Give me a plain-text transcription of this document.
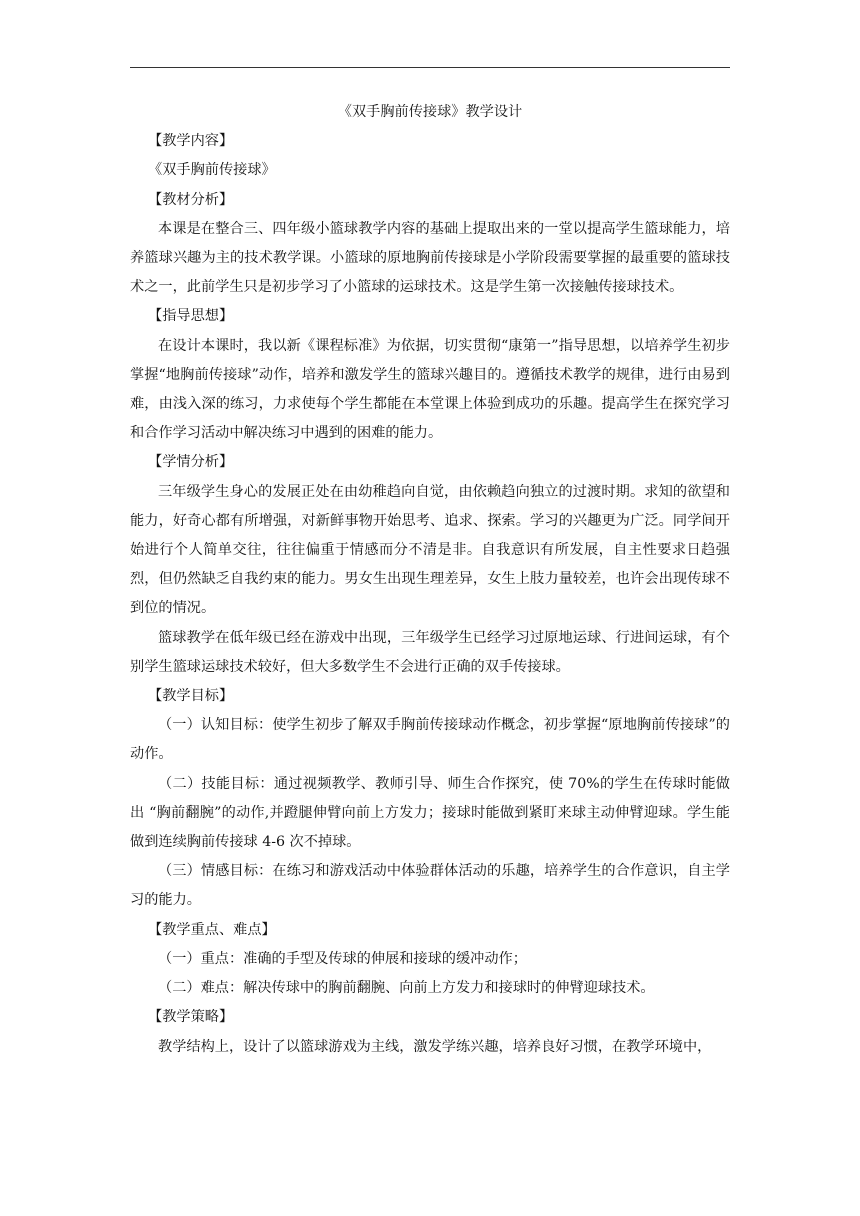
《双手胸前传接球》教学设计

【教学内容】

《双手胸前传接球》

【教材分析】

本课是在整合三、四年级小篮球教学内容的基础上提取出来的一堂以提高学生篮球能力，培养篮球兴趣为主的技术教学课。小篮球的原地胸前传接球是小学阶段需要掌握的最重要的篮球技术之一，此前学生只是初步学习了小篮球的运球技术。这是学生第一次接触传接球技术。

【指导思想】

在设计本课时，我以新《课程标准》为依据，切实贯彻“康第一”指导思想，以培养学生初步掌握“地胸前传接球”动作，培养和激发学生的篮球兴趣目的。遵循技术教学的规律，进行由易到难，由浅入深的练习，力求使每个学生都能在本堂课上体验到成功的乐趣。提高学生在探究学习和合作学习活动中解决练习中遇到的困难的能力。

【学情分析】

三年级学生身心的发展正处在由幼稚趋向自觉，由依赖趋向独立的过渡时期。求知的欲望和能力，好奇心都有所增强，对新鲜事物开始思考、追求、探索。学习的兴趣更为广泛。同学间开始进行个人简单交往，往往偏重于情感而分不清是非。自我意识有所发展，自主性要求日趋强烈，但仍然缺乏自我约束的能力。男女生出现生理差异，女生上肢力量较差，也许会出现传球不到位的情况。

篮球教学在低年级已经在游戏中出现，三年级学生已经学习过原地运球、行进间运球，有个别学生篮球运球技术较好，但大多数学生不会进行正确的双手传接球。

【教学目标】

（一）认知目标：使学生初步了解双手胸前传接球动作概念，初步掌握“原地胸前传接球”的动作。

（二）技能目标：通过视频教学、教师引导、师生合作探究，使 70%的学生在传球时能做出 “胸前翻腕”的动作,并蹬腿伸臂向前上方发力；接球时能做到紧盯来球主动伸臂迎球。学生能做到连续胸前传接球 4-6 次不掉球。

（三）情感目标：在练习和游戏活动中体验群体活动的乐趣，培养学生的合作意识，自主学习的能力。

【教学重点、难点】

（一）重点：准确的手型及传球的伸展和接球的缓冲动作；

（二）难点：解决传球中的胸前翻腕、向前上方发力和接球时的伸臂迎球技术。

【教学策略】

教学结构上，设计了以篮球游戏为主线，激发学练兴趣，培养良好习惯，在教学环境中，
